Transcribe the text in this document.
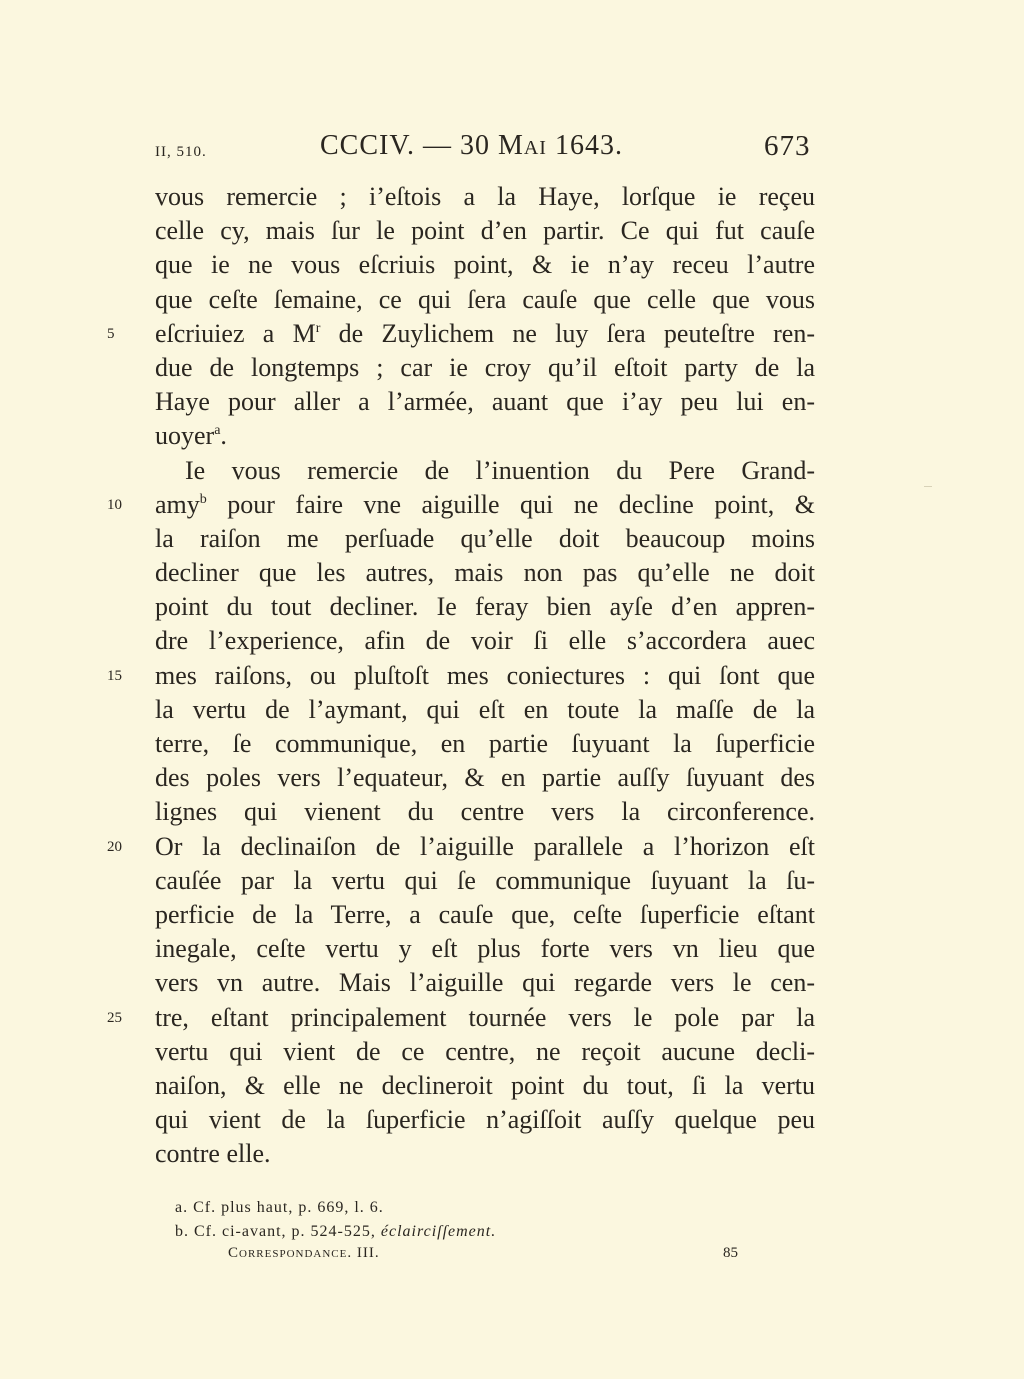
II, 510.	CCCIV. — 30 Mai 1643.	673
vous remercie ; i’eſtois a la Haye, lorſque ie reçeu
celle cy, mais ſur le point d’en partir. Ce qui fut cauſe
que ie ne vous eſcriuis point, & ie n’ay receu l’autre
que ceſte ſemaine, ce qui ſera cauſe que celle que vous
5	eſcriuiez a $M^r$ de Zuylichem ne luy ſera peuteſtre ren-
due de longtemps ; car ie croy qu’il eſtoit party de la
Haye pour aller a l’armée, auant que i’ay peu lui en-
uoyer$^a$.
Ie vous remercie de l’inuention du Pere Grand-
10	amy$^b$ pour faire vne aiguille qui ne decline point, &
la raiſon me perſuade qu’elle doit beaucoup moins
decliner que les autres, mais non pas qu’elle ne doit
point du tout decliner. Ie feray bien ayſe d’en appren-
dre l’experience, afin de voir ſi elle s’accordera auec
15	mes raiſons, ou pluſtoſt mes coniectures : qui ſont que
la vertu de l’aymant, qui eſt en toute la maſſe de la
terre, ſe communique, en partie ſuyuant la ſuperficie
des poles vers l’equateur, & en partie auſſy ſuyuant des
lignes qui vienent du centre vers la circonference.
20	Or la declinaiſon de l’aiguille parallele a l’horizon eſt
cauſée par la vertu qui ſe communique ſuyuant la ſu-
perficie de la Terre, a cauſe que, ceſte ſuperficie eſtant
inegale, ceſte vertu y eſt plus forte vers vn lieu que
vers vn autre. Mais l’aiguille qui regarde vers le cen-
25	tre, eſtant principalement tournée vers le pole par la
vertu qui vient de ce centre, ne reçoit aucune decli-
naiſon, & elle ne declineroit point du tout, ſi la vertu
qui vient de la ſuperficie n’agiſſoit auſſy quelque peu
contre elle.
a. Cf. plus haut, p. 669, l. 6.
b. Cf. ci-avant, p. 524-525, éclairciſſement.
Correspondance. III.	85
